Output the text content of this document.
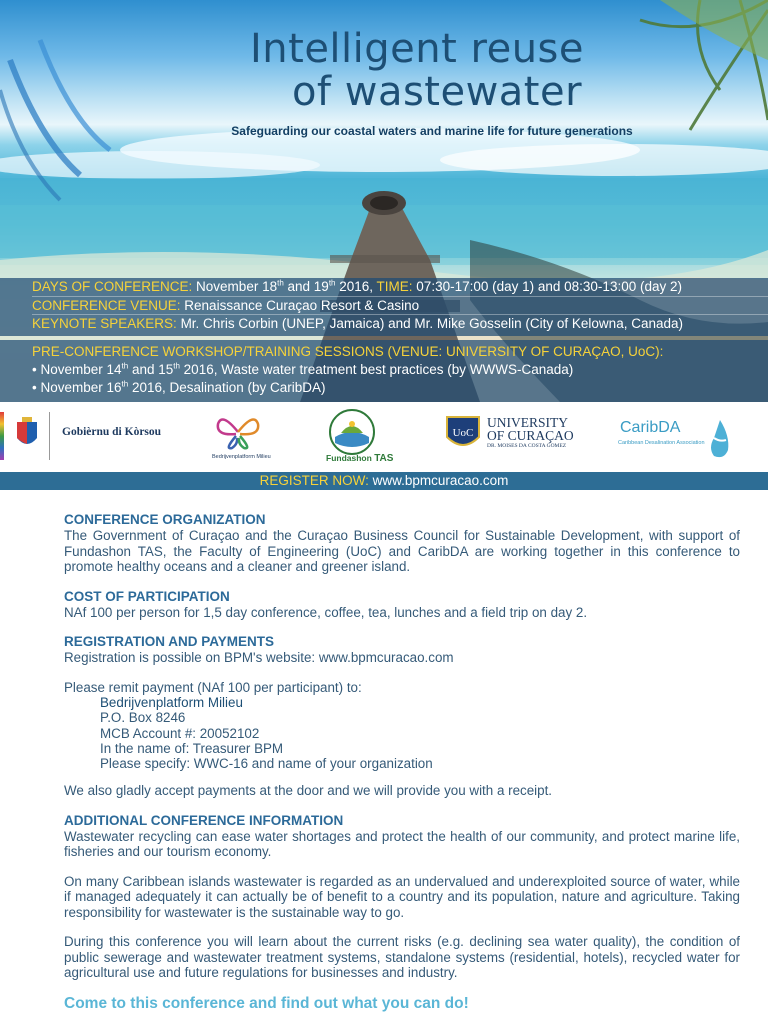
Intelligent reuse
of wastewater
Safeguarding our coastal waters and marine life for future generations
DAYS OF CONFERENCE: November 18th and 19th 2016, TIME: 07:30-17:00 (day 1) and 08:30-13:00 (day 2)
CONFERENCE VENUE: Renaissance Curaçao Resort & Casino
KEYNOTE SPEAKERS: Mr. Chris Corbin (UNEP, Jamaica) and Mr. Mike Gosselin (City of Kelowna, Canada)
PRE-CONFERENCE WORKSHOP/TRAINING SESSIONS (VENUE: UNIVERSITY OF CURAÇAO, UoC):
• November 14th and 15th 2016, Waste water treatment best practices (by WWWS-Canada)
• November 16th 2016, Desalination (by CaribDA)
Gobièrnu di Kòrsou
Bedrijvenplatform Milieu	Fundashon TAS
UoC
UNIVERSITY
OF CURAÇAO
DR. MOISES DA COSTA GOMEZ
CaribDA
Caribbean Desalination Association
REGISTER NOW: www.bpmcuracao.com
CONFERENCE ORGANIZATION

The Government of Curaçao and the Curaçao Business Council for Sustainable Development, with support of Fundashon TAS, the Faculty of Engineering (UoC) and CaribDA are working together in this conference to promote healthy oceans and a cleaner and greener island.

COST OF PARTICIPATION

NAf 100 per person for 1,5 day conference, coffee, tea, lunches and a field trip on day 2.

REGISTRATION AND PAYMENTS

Registration is possible on BPM's website: www.bpmcuracao.com

Please remit payment (NAf 100 per participant) to:

Bedrijvenplatform Milieu
P.O. Box 8246
MCB Account #: 20052102
In the name of: Treasurer BPM
Please specify: WWC-16 and name of your organization

We also gladly accept payments at the door and we will provide you with a receipt.

ADDITIONAL CONFERENCE INFORMATION

Wastewater recycling can ease water shortages and protect the health of our community, and protect marine life, fisheries and our tourism economy.

On many Caribbean islands wastewater is regarded as an undervalued and underexploited source of water, while if managed adequately it can actually be of benefit to a country and its population, nature and agriculture. Taking responsibility for wastewater is the sustainable way to go.

During this conference you will learn about the current risks (e.g. declining sea water quality), the condition of public sewerage and wastewater treatment systems, standalone systems (residential, hotels), recycled water for agricultural use and future regulations for businesses and industry.

Come to this conference and find out what you can do!
